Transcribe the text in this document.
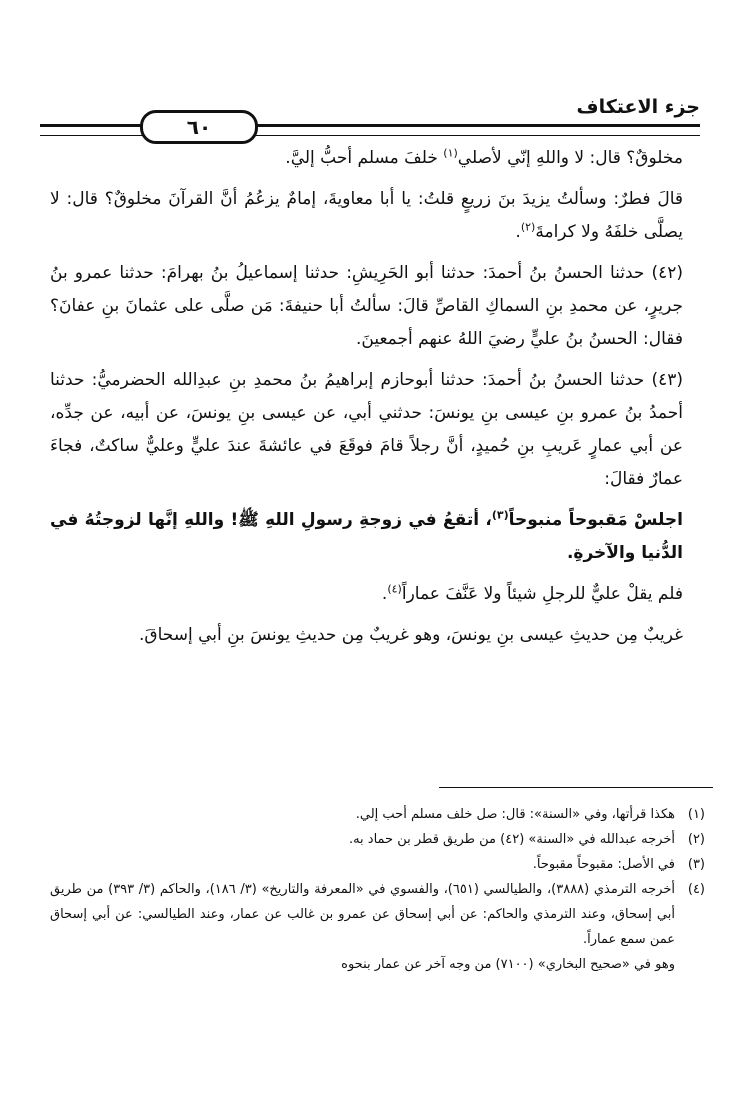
جزء الاعتكاف
٦٠

مخلوقٌ؟ قال: لا واللهِ إنّي لأصلي$^{(١)}$ خلفَ مسلم أحبُّ إليَّ.

قالَ فطرٌ: وسألتُ يزيدَ بنَ زريعٍ قلتُ: يا أبا معاويةَ، إمامٌ يزعُمُ أنَّ القرآنَ مخلوقٌ؟ قال: لا يصلَّى خلفَهُ ولا كرامةَ$^{(٢)}$.

(٤٢) حدثنا الحسنُ بنُ أحمدَ: حدثنا أبو الحَرِيشِ: حدثنا إسماعيلُ بنُ بهرامَ: حدثنا عمرو بنُ جريرٍ، عن محمدِ بنِ السماكِ القاصِّ قالَ: سألتُ أبا حنيفةَ: مَن صلَّى على عثمانَ بنِ عفانَ؟ فقال: الحسنُ بنُ عليٍّ رضيَ اللهُ عنهم أجمعينَ.

(٤٣) حدثنا الحسنُ بنُ أحمدَ: حدثنا أبوحازم إبراهيمُ بنُ محمدِ بنِ عبدِالله الحضرميُّ: حدثنا أحمدُ بنُ عمرو بنِ عيسى بنِ يونسَ: حدثني أبي، عن عيسى بنِ يونسَ، عن أبيه، عن جدِّه، عن أبي عمارٍ عَريبِ بنِ حُميدٍ، أنَّ رجلاً قامَ فوقَعَ في عائشةَ عندَ عليٍّ وعليٌّ ساكتٌ، فجاءَ عمارٌ فقالَ:

اجلسْ مَقبوحاً منبوحاً$^{(٣)}$، أتقعُ في زوجةِ رسولِ اللهِ ﷺ! واللهِ إنَّها لزوجتُهُ في الدُّنيا والآخرةِ.

فلم يقلْ عليٌّ للرجلِ شيئاً ولا عَنَّفَ عماراً$^{(٤)}$.

غريبٌ مِن حديثِ عيسى بنِ يونسَ، وهو غريبٌ مِن حديثِ يونسَ بنِ أبي إسحاقَ.

(١)
هكذا قرأتها، وفي «السنة»: قال: صل خلف مسلم أحب إلي.
(٢)
أخرجه عبدالله في «السنة» (٤٢) من طريق قطر بن حماد به.
(٣)
في الأصل: مقبوحاً مقبوحاً.
(٤)
أخرجه الترمذي (٣٨٨٨)، والطيالسي (٦٥١)، والفسوي في «المعرفة والتاريخ» (٣/ ١٨٦)، والحاكم (٣/ ٣٩٣) من طريق أبي إسحاق، وعند الترمذي والحاكم: عن أبي إسحاق عن عمرو بن غالب عن عمار، وعند الطيالسي: عن أبي إسحاق عمن سمع عماراً.
وهو في «صحيح البخاري» (٧١٠٠) من وجه آخر عن عمار بنحوه
